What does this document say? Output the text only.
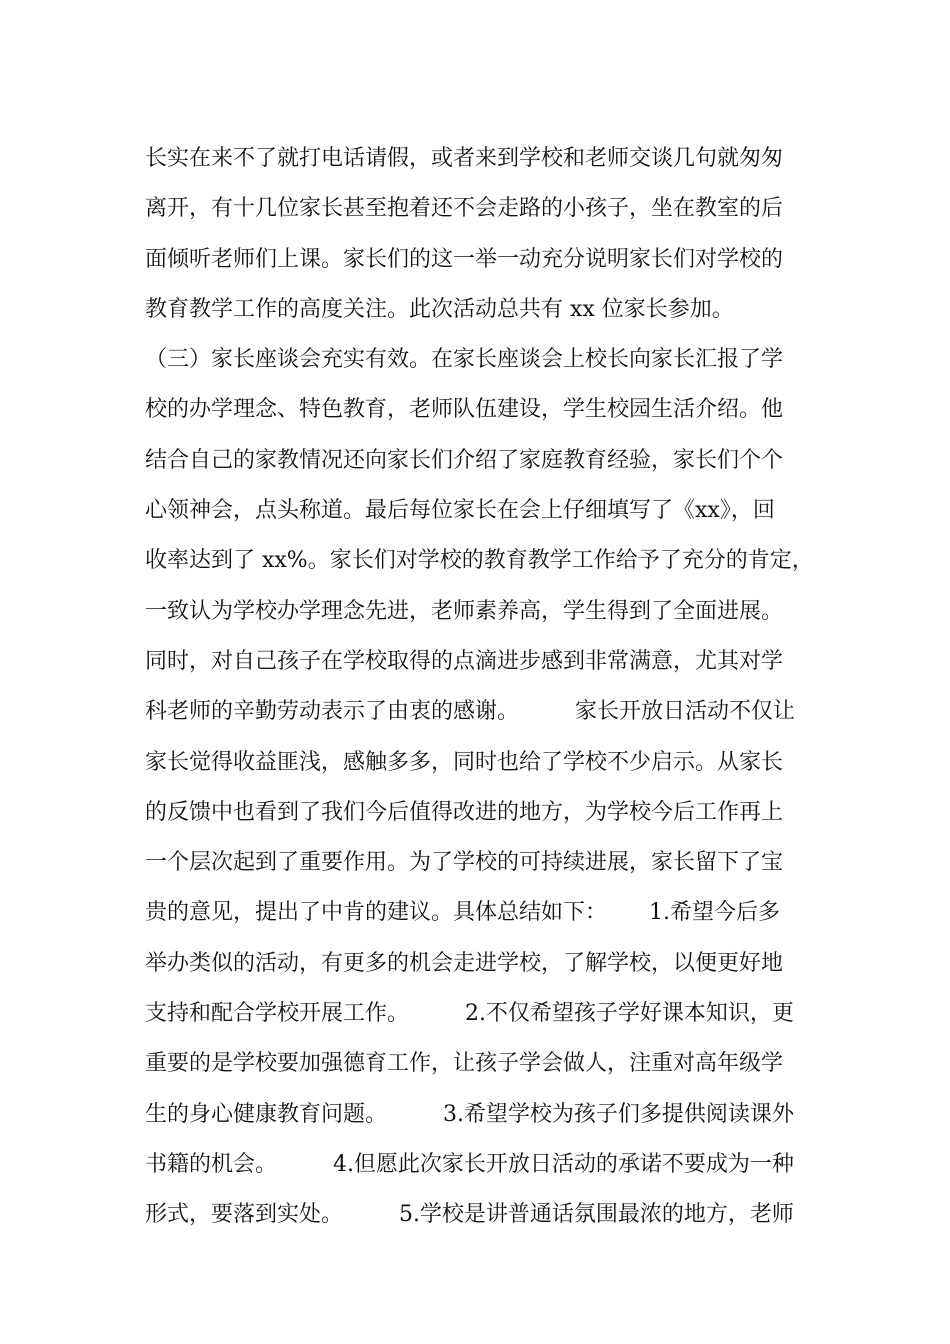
长实在来不了就打电话请假，或者来到学校和老师交谈几句就匆匆
离开，有十几位家长甚至抱着还不会走路的小孩子，坐在教室的后
面倾听老师们上课。家长们的这一举一动充分说明家长们对学校的
教育教学工作的高度关注。此次活动总共有 xx 位家长参加。
（三）家长座谈会充实有效。在家长座谈会上校长向家长汇报了学
校的办学理念、特色教育，老师队伍建设，学生校园生活介绍。他
结合自己的家教情况还向家长们介绍了家庭教育经验，家长们个个
心领神会，点头称道。最后每位家长在会上仔细填写了《xx》，回
收率达到了 xx%。家长们对学校的教育教学工作给予了充分的肯定，
一致认为学校办学理念先进，老师素养高，学生得到了全面进展。
同时，对自己孩子在学校取得的点滴进步感到非常满意，尤其对学
科老师的辛勤劳动表示了由衷的感谢。        家长开放日活动不仅让
家长觉得收益匪浅，感触多多，同时也给了学校不少启示。从家长
的反馈中也看到了我们今后值得改进的地方，为学校今后工作再上
一个层次起到了重要作用。为了学校的可持续进展，家长留下了宝
贵的意见，提出了中肯的建议。具体总结如下：      1.希望今后多
举办类似的活动，有更多的机会走进学校，了解学校，以便更好地
支持和配合学校开展工作。        2.不仅希望孩子学好课本知识，更
重要的是学校要加强德育工作，让孩子学会做人，注重对高年级学
生的身心健康教育问题。        3.希望学校为孩子们多提供阅读课外
书籍的机会。        4.但愿此次家长开放日活动的承诺不要成为一种
形式，要落到实处。        5.学校是讲普通话氛围最浓的地方，老师
